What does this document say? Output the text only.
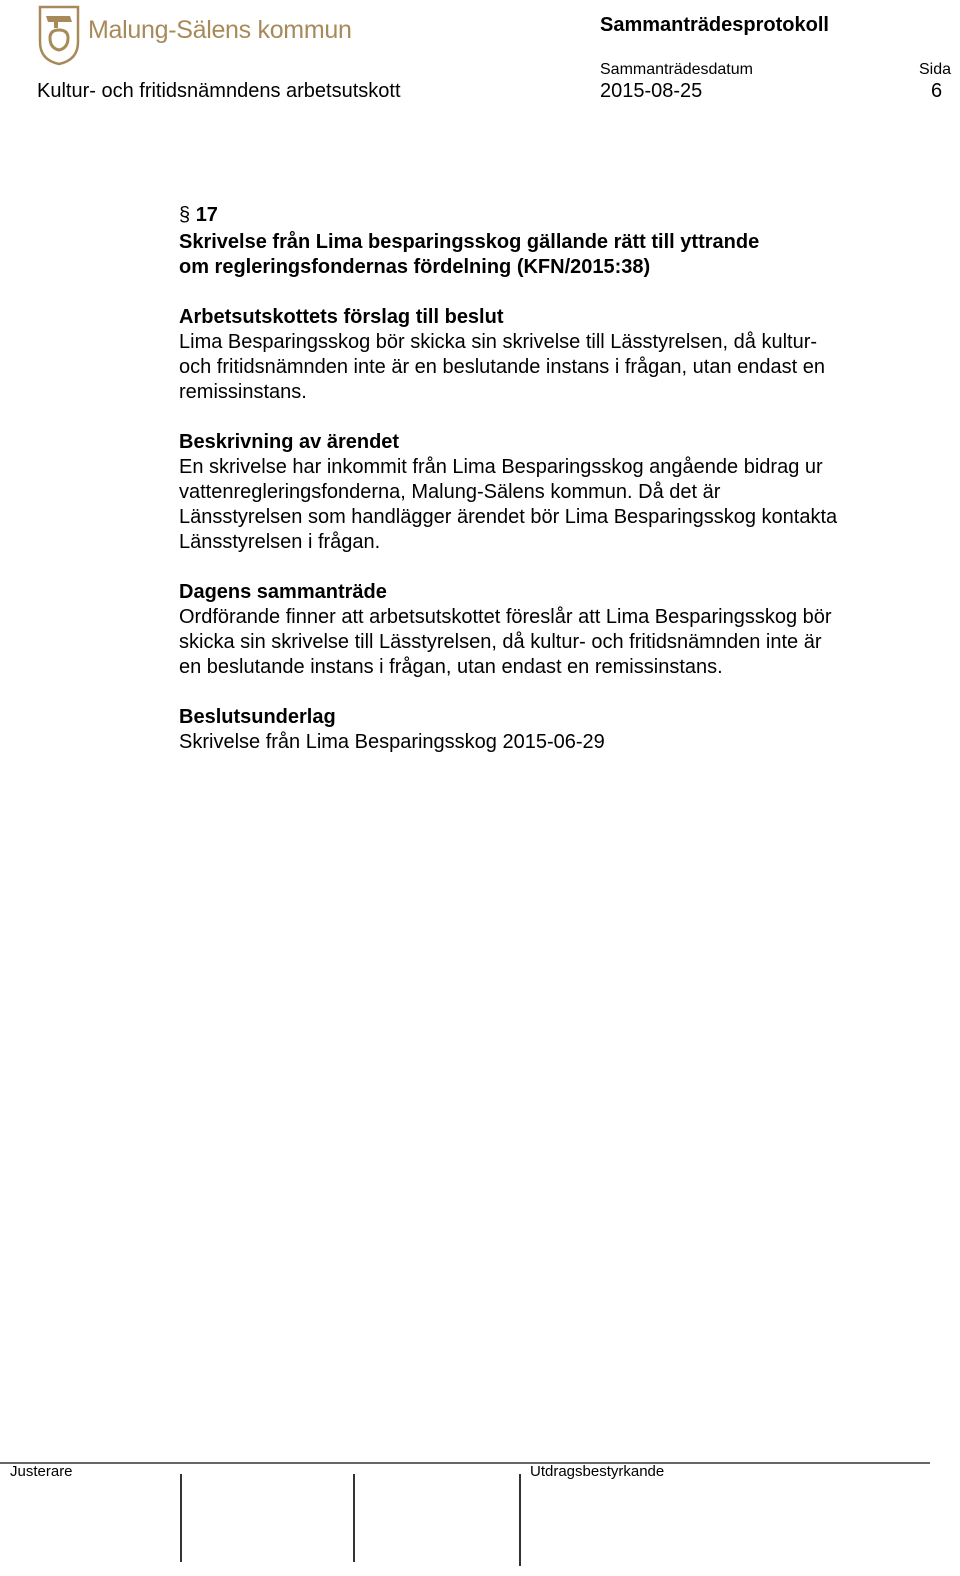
Malung-Sälens kommun	Sammanträdesprotokoll
Sammanträdesdatum	Sida
Kultur- och fritidsnämndens arbetsutskott	2015-08-25	6
§ 17
Skrivelse från Lima besparingsskog gällande rätt till yttrande
om regleringsfondernas fördelning (KFN/2015:38)
Arbetsutskottets förslag till beslut

Lima Besparingsskog bör skicka sin skrivelse till Lässtyrelsen, då kultur-

och fritidsnämnden inte är en beslutande instans i frågan, utan endast en

remissinstans.

Beskrivning av ärendet

En skrivelse har inkommit från Lima Besparingsskog angående bidrag ur

vattenregleringsfonderna, Malung-Sälens kommun. Då det är

Länsstyrelsen som handlägger ärendet bör Lima Besparingsskog kontakta

Länsstyrelsen i frågan.

Dagens sammanträde

Ordförande finner att arbetsutskottet föreslår att Lima Besparingsskog bör

skicka sin skrivelse till Lässtyrelsen, då kultur- och fritidsnämnden inte är

en beslutande instans i frågan, utan endast en remissinstans.

Beslutsunderlag

Skrivelse från Lima Besparingsskog 2015-06-29

Justerare	Utdragsbestyrkande
